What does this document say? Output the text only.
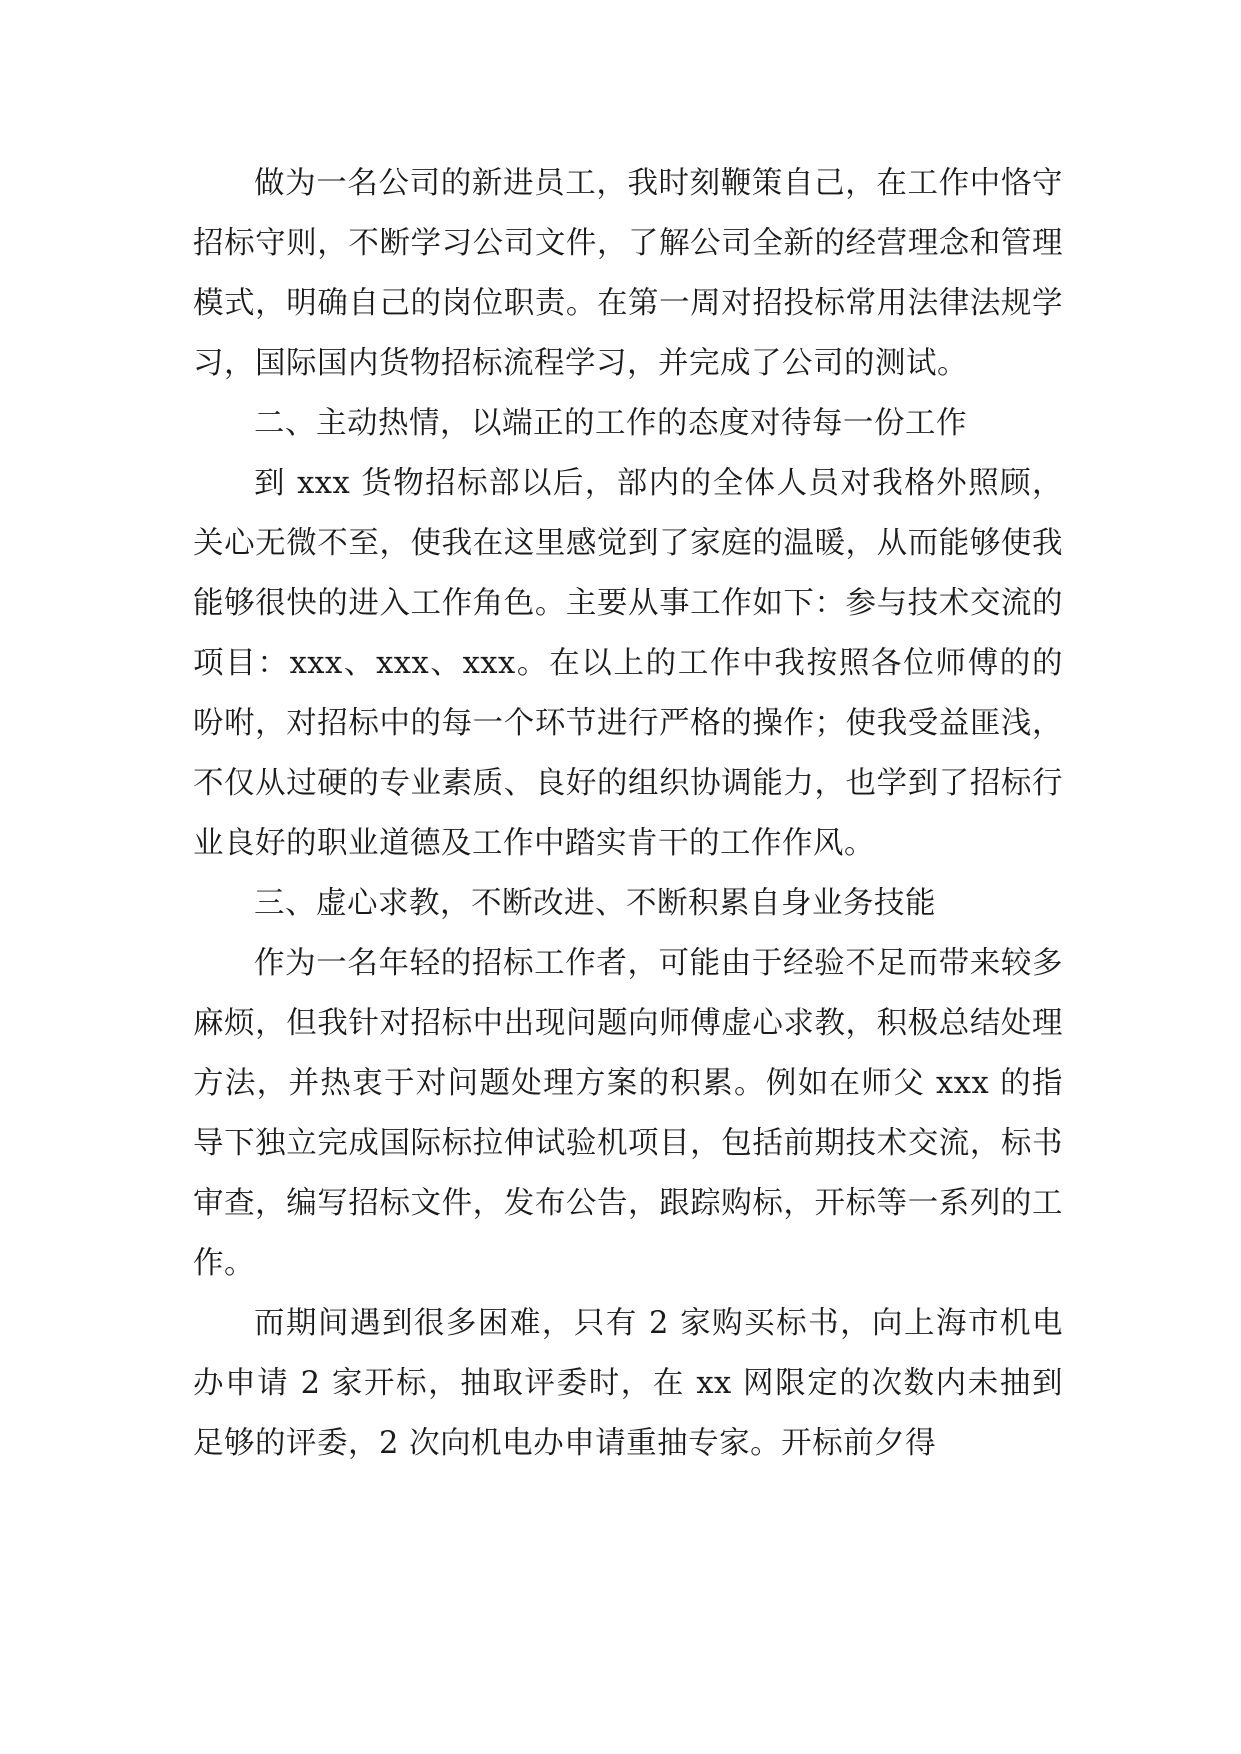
做为一名公司的新进员工，我时刻鞭策自己，在工作中恪守招标守则，不断学习公司文件，了解公司全新的经营理念和管理模式，明确自己的岗位职责。在第一周对招投标常用法律法规学习，国际国内货物招标流程学习，并完成了公司的测试。

二、主动热情，以端正的工作的态度对待每一份工作

到 xxx 货物招标部以后，部内的全体人员对我格外照顾，关心无微不至，使我在这里感觉到了家庭的温暖，从而能够使我能够很快的进入工作角色。主要从事工作如下：参与技术交流的项目：xxx、xxx、xxx。在以上的工作中我按照各位师傅的的吩咐，对招标中的每一个环节进行严格的操作；使我受益匪浅，不仅从过硬的专业素质、良好的组织协调能力，也学到了招标行业良好的职业道德及工作中踏实肯干的工作作风。

三、虚心求教，不断改进、不断积累自身业务技能

作为一名年轻的招标工作者，可能由于经验不足而带来较多麻烦，但我针对招标中出现问题向师傅虚心求教，积极总结处理方法，并热衷于对问题处理方案的积累。例如在师父 xxx 的指导下独立完成国际标拉伸试验机项目，包括前期技术交流，标书审查，编写招标文件，发布公告，跟踪购标，开标等一系列的工作。

而期间遇到很多困难，只有 2 家购买标书，向上海市机电办申请 2 家开标，抽取评委时，在 xx 网限定的次数内未抽到足够的评委，2 次向机电办申请重抽专家。开标前夕得
